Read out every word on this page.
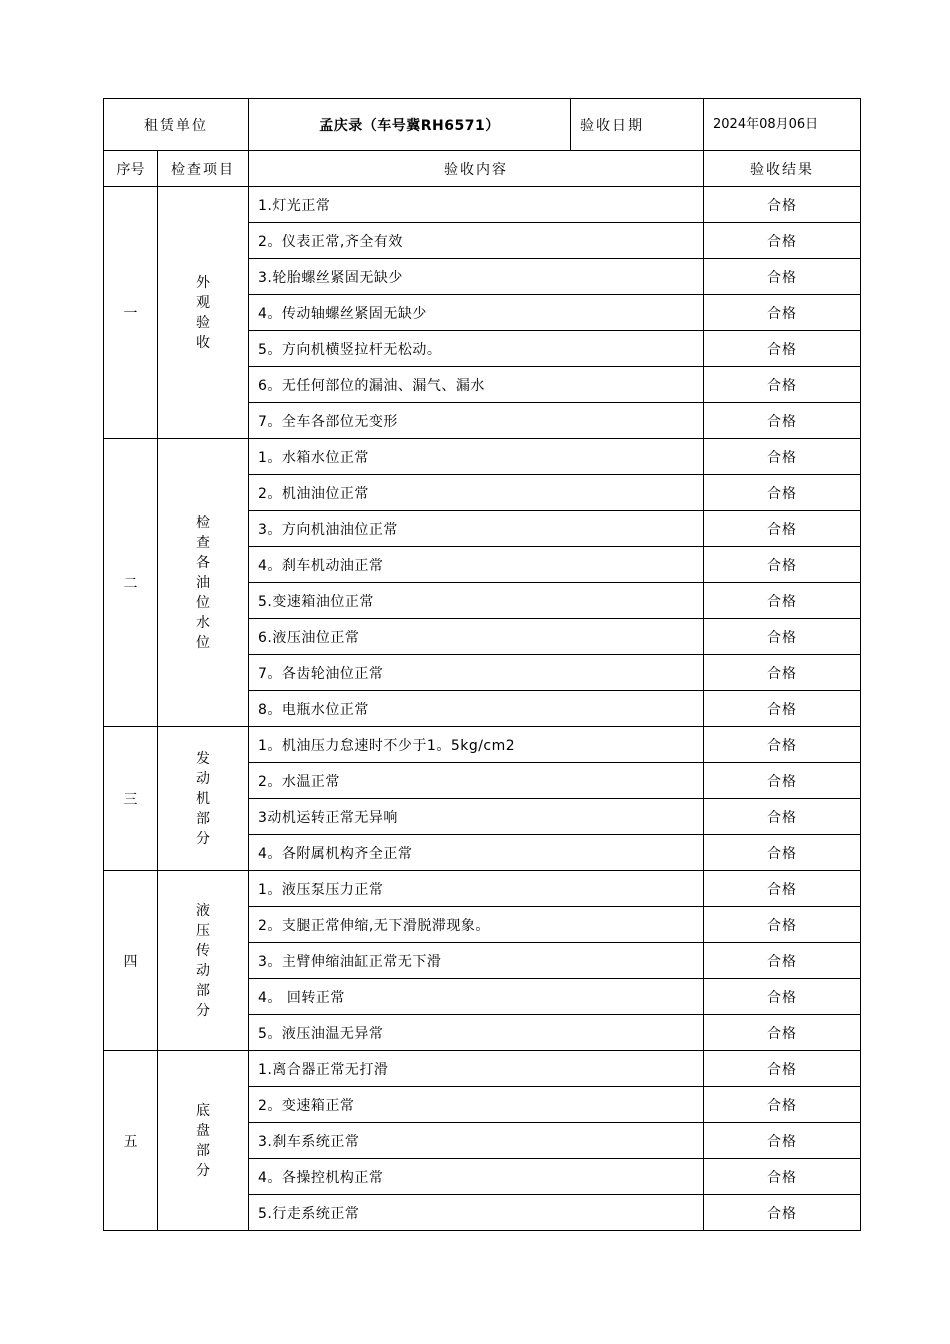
租赁单位		孟庆录（车号冀RH6571）	验收日期	2024年08月06日
序号	检查项目	验收内容		验收结果
一	外观验收	1.灯光正常		合格
		2。仪表正常,齐全有效		合格
		3.轮胎螺丝紧固无缺少		合格
		4。传动轴螺丝紧固无缺少		合格
		5。方向机横竖拉杆无松动。		合格
		6。无任何部位的漏油、漏气、漏水		合格
		7。全车各部位无变形		合格
二	检查各油位水位	1。水箱水位正常		合格
		2。机油油位正常		合格
		3。方向机油油位正常		合格
		4。刹车机动油正常		合格
		5.变速箱油位正常		合格
		6.液压油位正常		合格
		7。各齿轮油位正常		合格
		8。电瓶水位正常		合格
三	发动机部分	1。机油压力怠速时不少于1。5kg/cm2		合格
		2。水温正常		合格
		3动机运转正常无异响		合格
		4。各附属机构齐全正常		合格
四	液压传动部分	1。液压泵压力正常		合格
		2。支腿正常伸缩,无下滑脱滞现象。		合格
		3。主臂伸缩油缸正常无下滑		合格
		4。 回转正常		合格
		5。液压油温无异常		合格
五	底盘部分	1.离合器正常无打滑		合格
		2。变速箱正常		合格
		3.刹车系统正常		合格
		4。各操控机构正常		合格
		5.行走系统正常		合格
